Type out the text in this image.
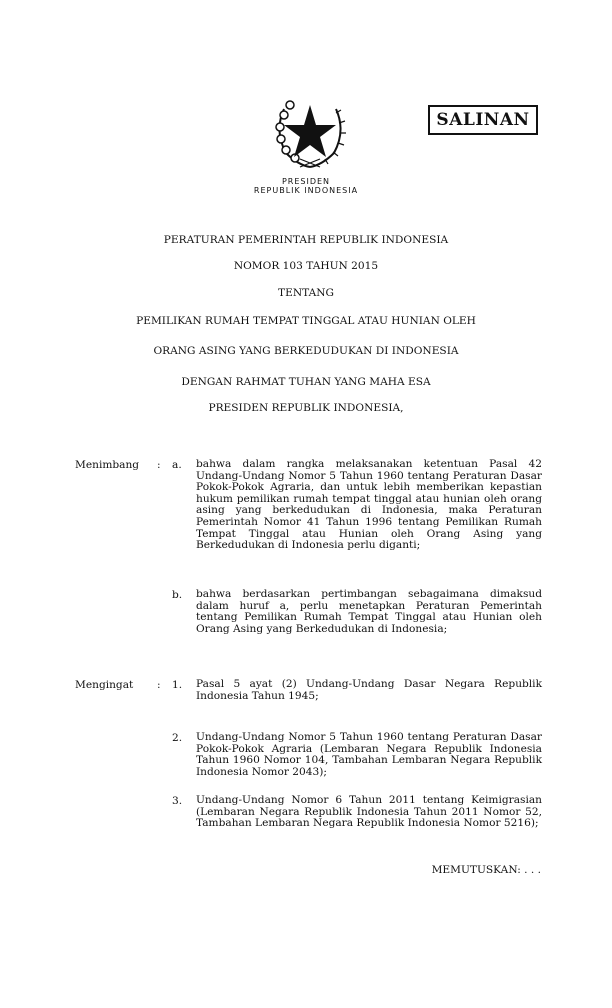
SALINAN
PRESIDEN
REPUBLIK INDONESIA
PERATURAN PEMERINTAH REPUBLIK INDONESIA
NOMOR 103 TAHUN 2015
TENTANG
PEMILIKAN RUMAH TEMPAT TINGGAL ATAU HUNIAN OLEH
ORANG ASING YANG BERKEDUDUKAN DI INDONESIA
DENGAN RAHMAT TUHAN YANG MAHA ESA
PRESIDEN REPUBLIK INDONESIA,
Menimbang : a. bahwa dalam rangka melaksanakan ketentuan Pasal 42 Undang-Undang Nomor 5 Tahun 1960 tentang Peraturan Dasar Pokok-Pokok Agraria, dan untuk lebih memberikan kepastian hukum pemilikan rumah tempat tinggal atau hunian oleh orang asing yang berkedudukan di Indonesia, maka Peraturan Pemerintah Nomor 41 Tahun 1996 tentang Pemilikan Rumah Tempat Tinggal atau Hunian oleh Orang Asing yang Berkedudukan di Indonesia perlu diganti;
b. bahwa berdasarkan pertimbangan sebagaimana dimaksud dalam huruf a, perlu menetapkan Peraturan Pemerintah tentang Pemilikan Rumah Tempat Tinggal atau Hunian oleh Orang Asing yang Berkedudukan di Indonesia;
Mengingat : 1. Pasal 5 ayat (2) Undang-Undang Dasar Negara Republik Indonesia Tahun 1945;
2. Undang-Undang Nomor 5 Tahun 1960 tentang Peraturan Dasar Pokok-Pokok Agraria (Lembaran Negara Republik Indonesia Tahun 1960 Nomor 104, Tambahan Lembaran Negara Republik Indonesia Nomor 2043);
3. Undang-Undang Nomor 6 Tahun 2011 tentang Keimigrasian (Lembaran Negara Republik Indonesia Tahun 2011 Nomor 52, Tambahan Lembaran Negara Republik Indonesia Nomor 5216);
MEMUTUSKAN: . . .
